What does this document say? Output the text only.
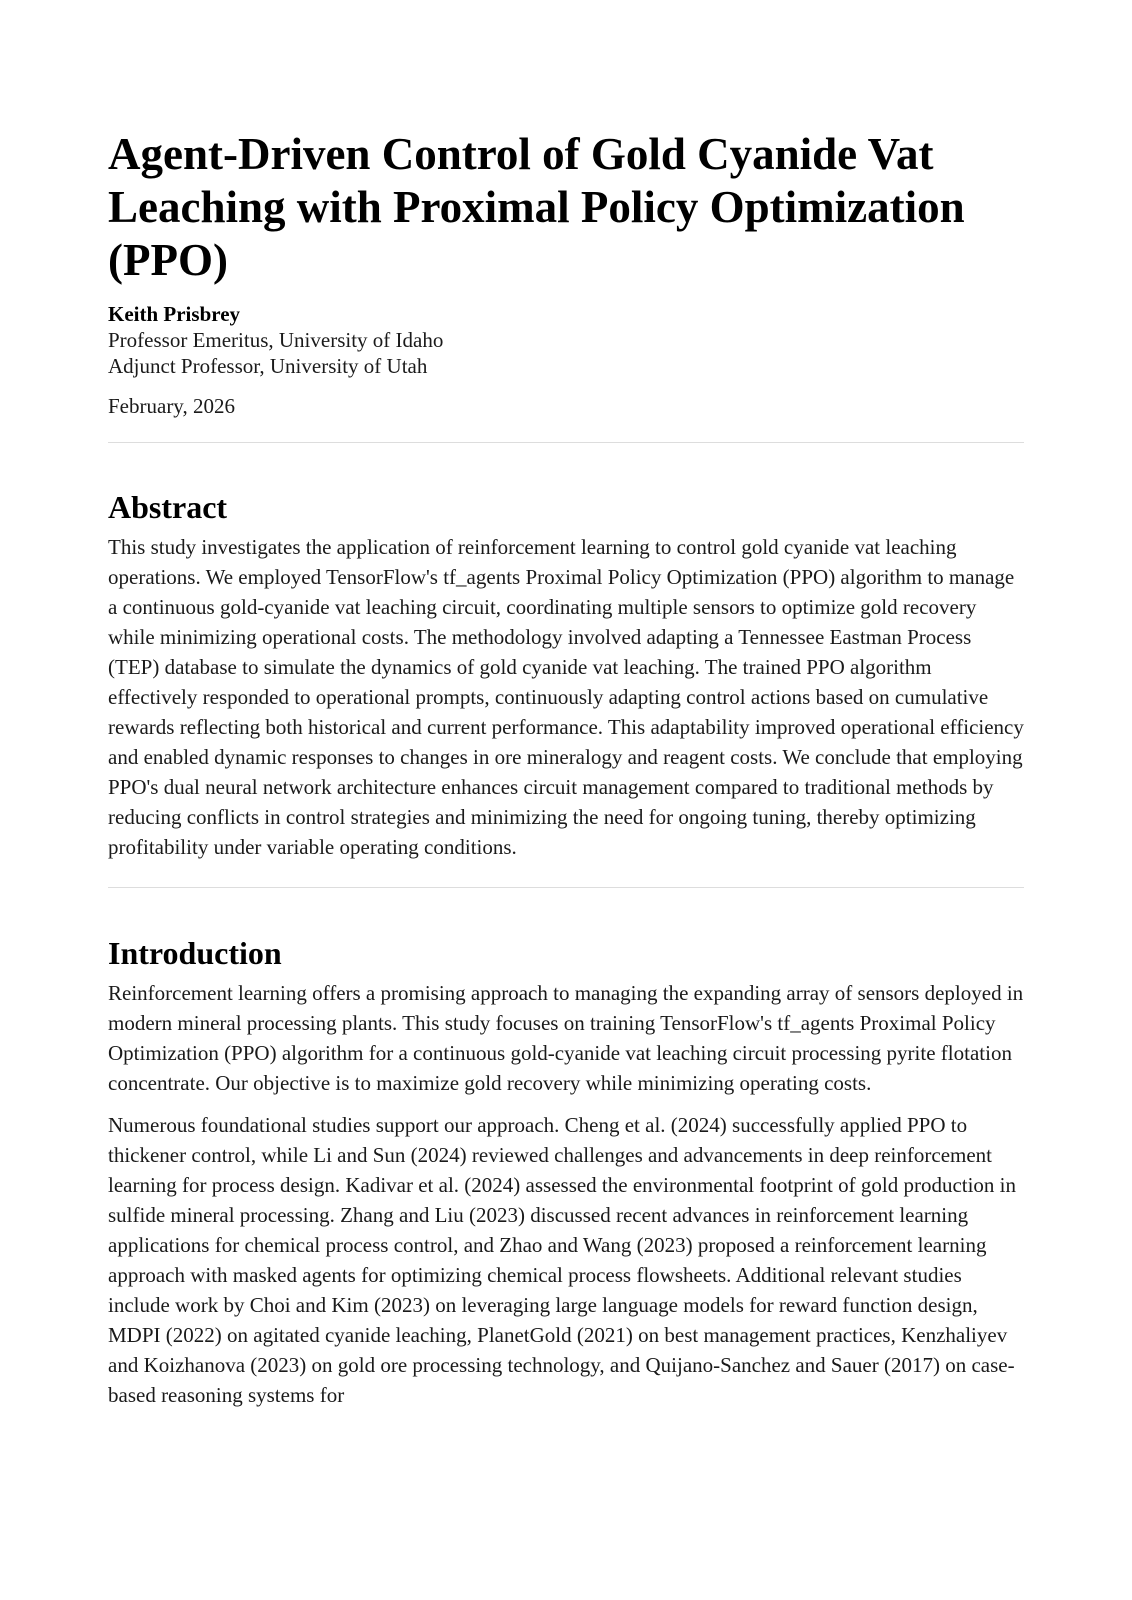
Agent-Driven Control of Gold Cyanide Vat
Leaching with Proximal Policy Optimization
(PPO)
Keith Prisbrey
Professor Emeritus, University of Idaho
Adjunct Professor, University of Utah
February, 2026
Abstract

This study investigates the application of reinforcement learning to control gold cyanide vat leaching operations. We employed TensorFlow's tf_agents Proximal Policy Optimization (PPO) algorithm to manage a continuous gold-cyanide vat leaching circuit, coordinating multiple sensors to optimize gold recovery while minimizing operational costs. The methodology involved adapting a Tennessee Eastman Process (TEP) database to simulate the dynamics of gold cyanide vat leaching. The trained PPO algorithm effectively responded to operational prompts, continuously adapting control actions based on cumulative rewards reflecting both historical and current performance. This adaptability improved operational efficiency and enabled dynamic responses to changes in ore mineralogy and reagent costs. We conclude that employing PPO's dual neural network architecture enhances circuit management compared to traditional methods by reducing conflicts in control strategies and minimizing the need for ongoing tuning, thereby optimizing profitability under variable operating conditions.

Introduction

Reinforcement learning offers a promising approach to managing the expanding array of sensors deployed in modern mineral processing plants. This study focuses on training TensorFlow's tf_agents Proximal Policy Optimization (PPO) algorithm for a continuous gold-cyanide vat leaching circuit processing pyrite flotation concentrate. Our objective is to maximize gold recovery while minimizing operating costs.

Numerous foundational studies support our approach. Cheng et al. (2024) successfully applied PPO to thickener control, while Li and Sun (2024) reviewed challenges and advancements in deep reinforcement learning for process design. Kadivar et al. (2024) assessed the environmental footprint of gold production in sulfide mineral processing. Zhang and Liu (2023) discussed recent advances in reinforcement learning applications for chemical process control, and Zhao and Wang (2023) proposed a reinforcement learning approach with masked agents for optimizing chemical process flowsheets. Additional relevant studies include work by Choi and Kim (2023) on leveraging large language models for reward function design, MDPI (2022) on agitated cyanide leaching, PlanetGold (2021) on best management practices, Kenzhaliyev and Koizhanova (2023) on gold ore processing technology, and Quijano-Sanchez and Sauer (2017) on case-based reasoning systems for
